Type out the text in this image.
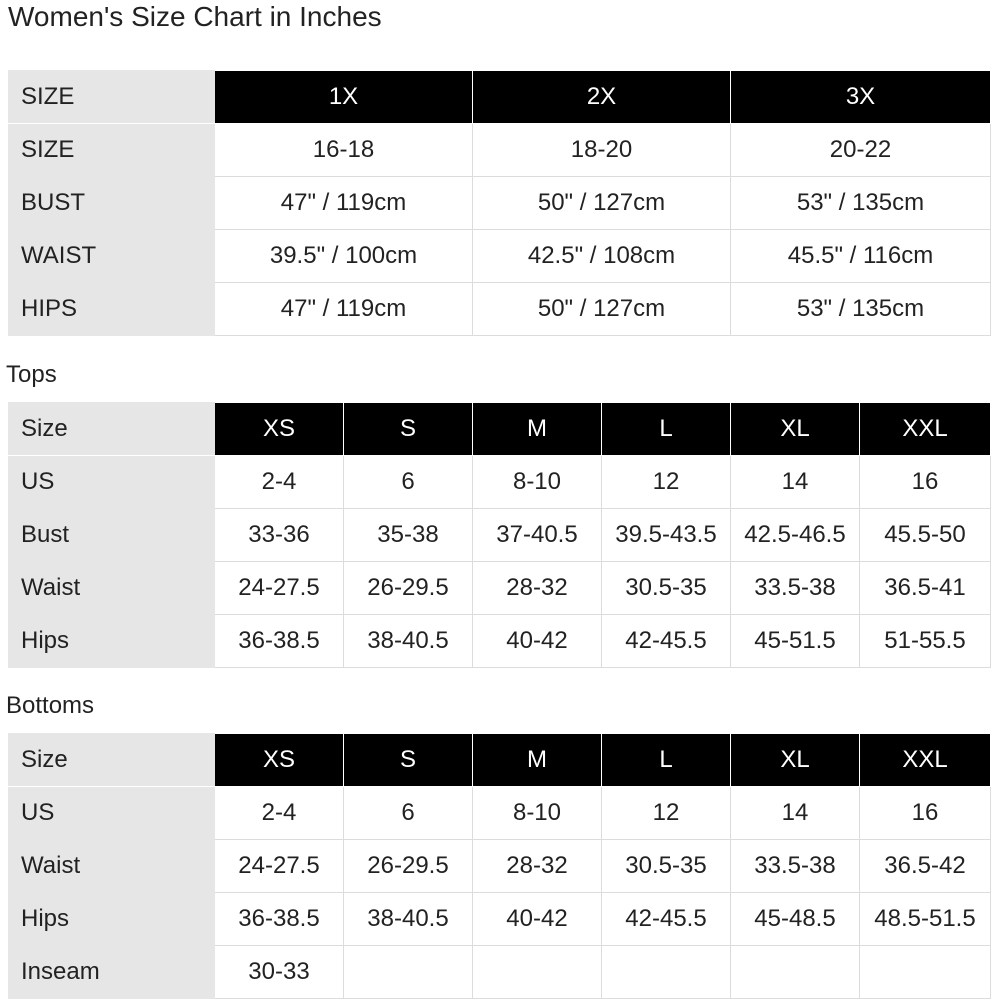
Women's Size Chart in Inches
SIZE	1X	2X	3X
SIZE	16-18	18-20	20-22
BUST	47" / 119cm	50" / 127cm	53" / 135cm
WAIST	39.5" / 100cm	42.5" / 108cm	45.5" / 116cm
HIPS	47" / 119cm	50" / 127cm	53" / 135cm
Tops
Size	XS	S	M	L	XL	XXL
US	2-4	6	8-10	12	14	16
Bust	33-36	35-38	37-40.5	39.5-43.5	42.5-46.5	45.5-50
Waist	24-27.5	26-29.5	28-32	30.5-35	33.5-38	36.5-41
Hips	36-38.5	38-40.5	40-42	42-45.5	45-51.5	51-55.5
Bottoms
Size	XS	S	M	L	XL	XXL
US	2-4	6	8-10	12	14	16
Waist	24-27.5	26-29.5	28-32	30.5-35	33.5-38	36.5-42
Hips	36-38.5	38-40.5	40-42	42-45.5	45-48.5	48.5-51.5
Inseam	30-33					
